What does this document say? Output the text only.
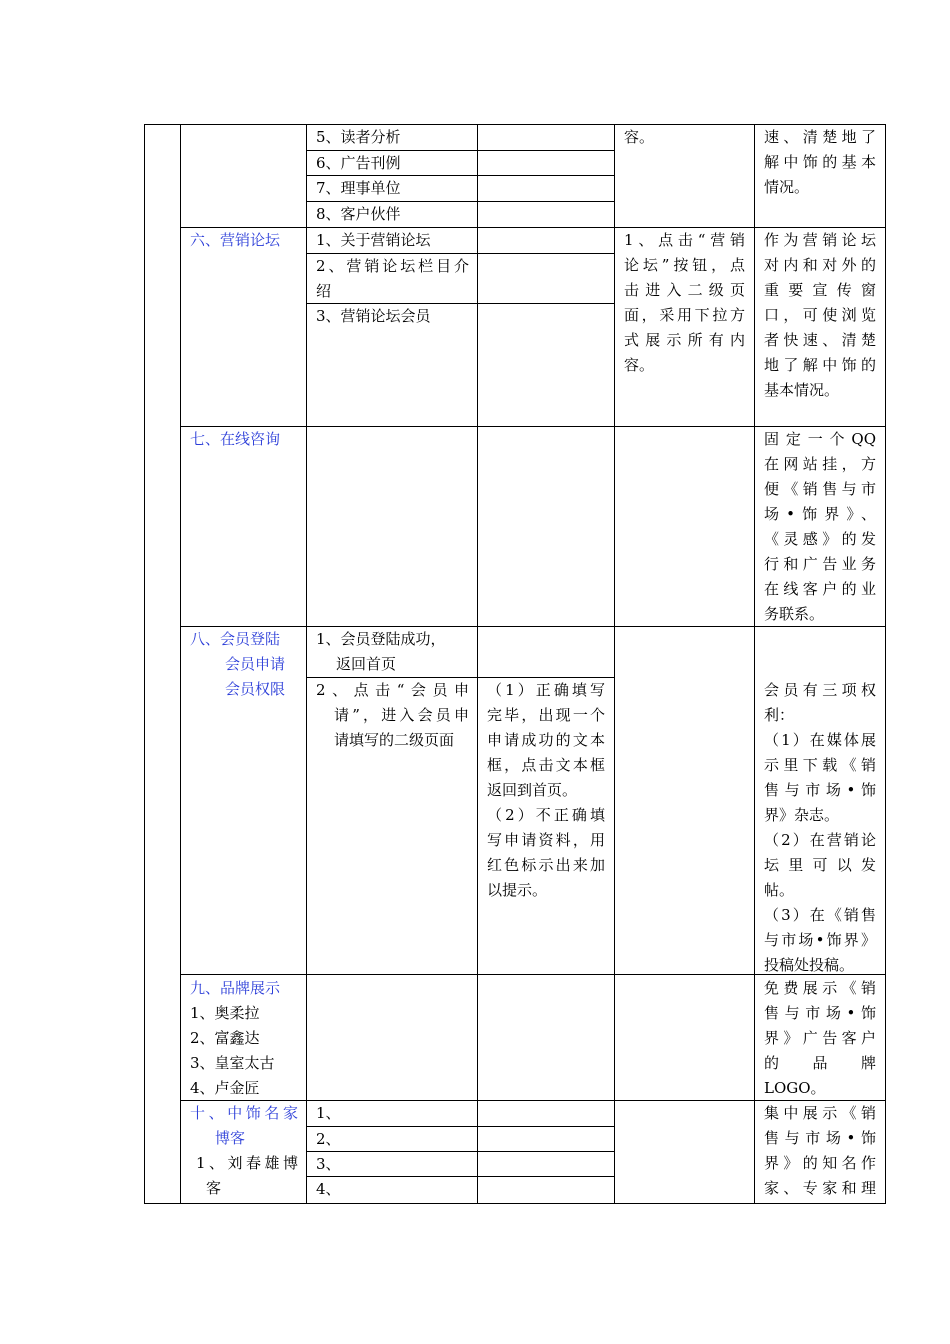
5、读者分析
6、广告刊例
7、理事单位
8、客户伙伴
容。	速、清楚地了
解中饰的基本
情况。
六、营销论坛 1、关于营销论坛
2、营销论坛栏目介
绍
3、营销论坛会员
1、点击“营销
论坛”按钮，点
击进入二级页
面，采用下拉方
式展示所有内
容。
作为营销论坛
对内和对外的
重要宣传窗
口，可使浏览
者快速、清楚
地了解中饰的
基本情况。
七、在线咨询	固定一个QQ
在网站挂，方
便《销售与市
场•饰界》、
《灵感》的发
行和广告业务
在线客户的业
务联系。
八、会员登陆
会员申请
会员权限
1、会员登陆成功，
返回首页
2、点击“会员申
请”，进入会员申
请填写的二级页面
（1）正确填写
完毕，出现一个
申请成功的文本
框，点击文本框
返回到首页。
（2）不正确填
写申请资料，用
红色标示出来加
以提示。
会员有三项权
利：
（1）在媒体展
示里下载《销
售与市场•饰
界》杂志。
（2）在营销论
坛里可以发
帖。
（3）在《销售
与市场•饰界》
投稿处投稿。
九、品牌展示
1、奥柔拉
2、富鑫达
3、皇室太古
4、卢金匠
免费展示《销
售与市场•饰
界》广告客户
的品牌
LOGO。
十、中饰名家
博客
1、刘春雄博
客
1、
2、
3、
4、
集中展示《销
售与市场•饰
界》的知名作
家、专家和理
